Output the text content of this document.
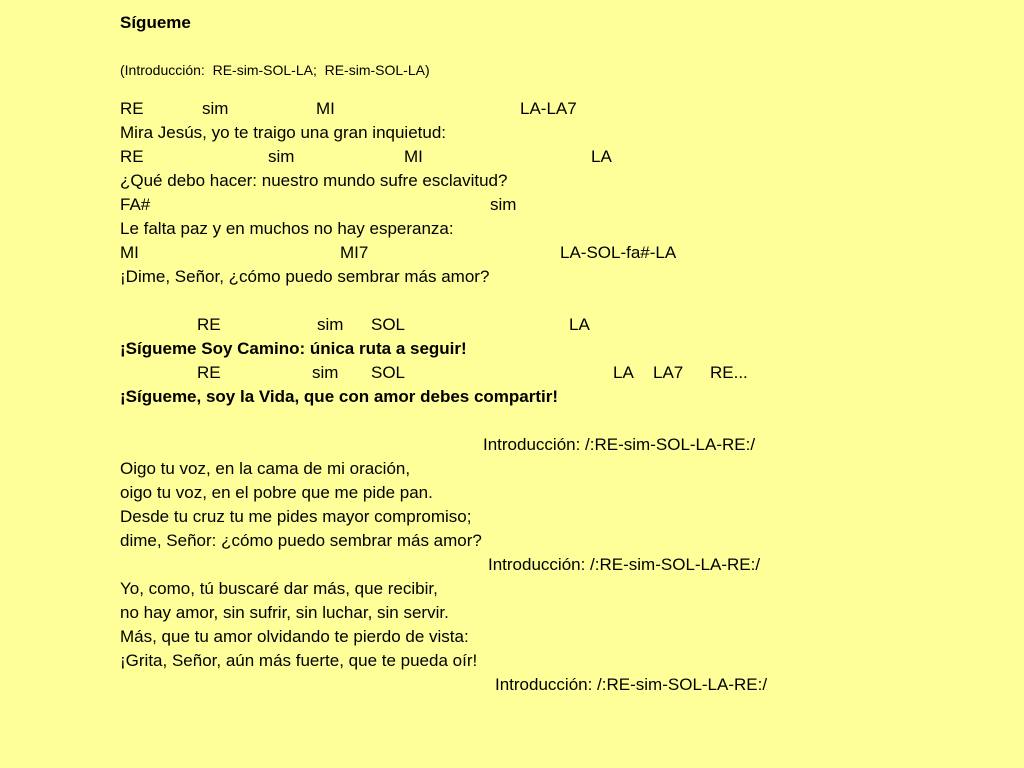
Sígueme

(Introducción:  RE-sim-SOL-LA;  RE-sim-SOL-LA)

RE

	sim

	MI

	LA-LA7

Mira Jesús, yo te traigo una gran inquietud:

RE

	sim

	MI

	LA

¿Qué debo hacer: nuestro mundo sufre esclavitud?

FA#

	sim

Le falta paz y en muchos no hay esperanza:

MI

	MI7

	LA-SOL-fa#-LA

¡Dime, Señor, ¿cómo puedo sembrar más amor?

RE

	sim

SOL

	LA

¡Sígueme Soy Camino: única ruta a seguir!

RE

	sim

SOL

	LA

LA7

RE...

¡Sígueme, soy la Vida, que con amor debes compartir!

Introducción: /:RE-sim-SOL-LA-RE:/

Oigo tu voz, en la cama de mi oración,

oigo tu voz, en el pobre que me pide pan.

Desde tu cruz tu me pides mayor compromiso;

dime, Señor: ¿cómo puedo sembrar más amor?

Introducción: /:RE-sim-SOL-LA-RE:/

Yo, como, tú buscaré dar más, que recibir,

no hay amor, sin sufrir, sin luchar, sin servir.

Más, que tu amor olvidando te pierdo de vista:

¡Grita, Señor, aún más fuerte, que te pueda oír!

Introducción: /:RE-sim-SOL-LA-RE:/
